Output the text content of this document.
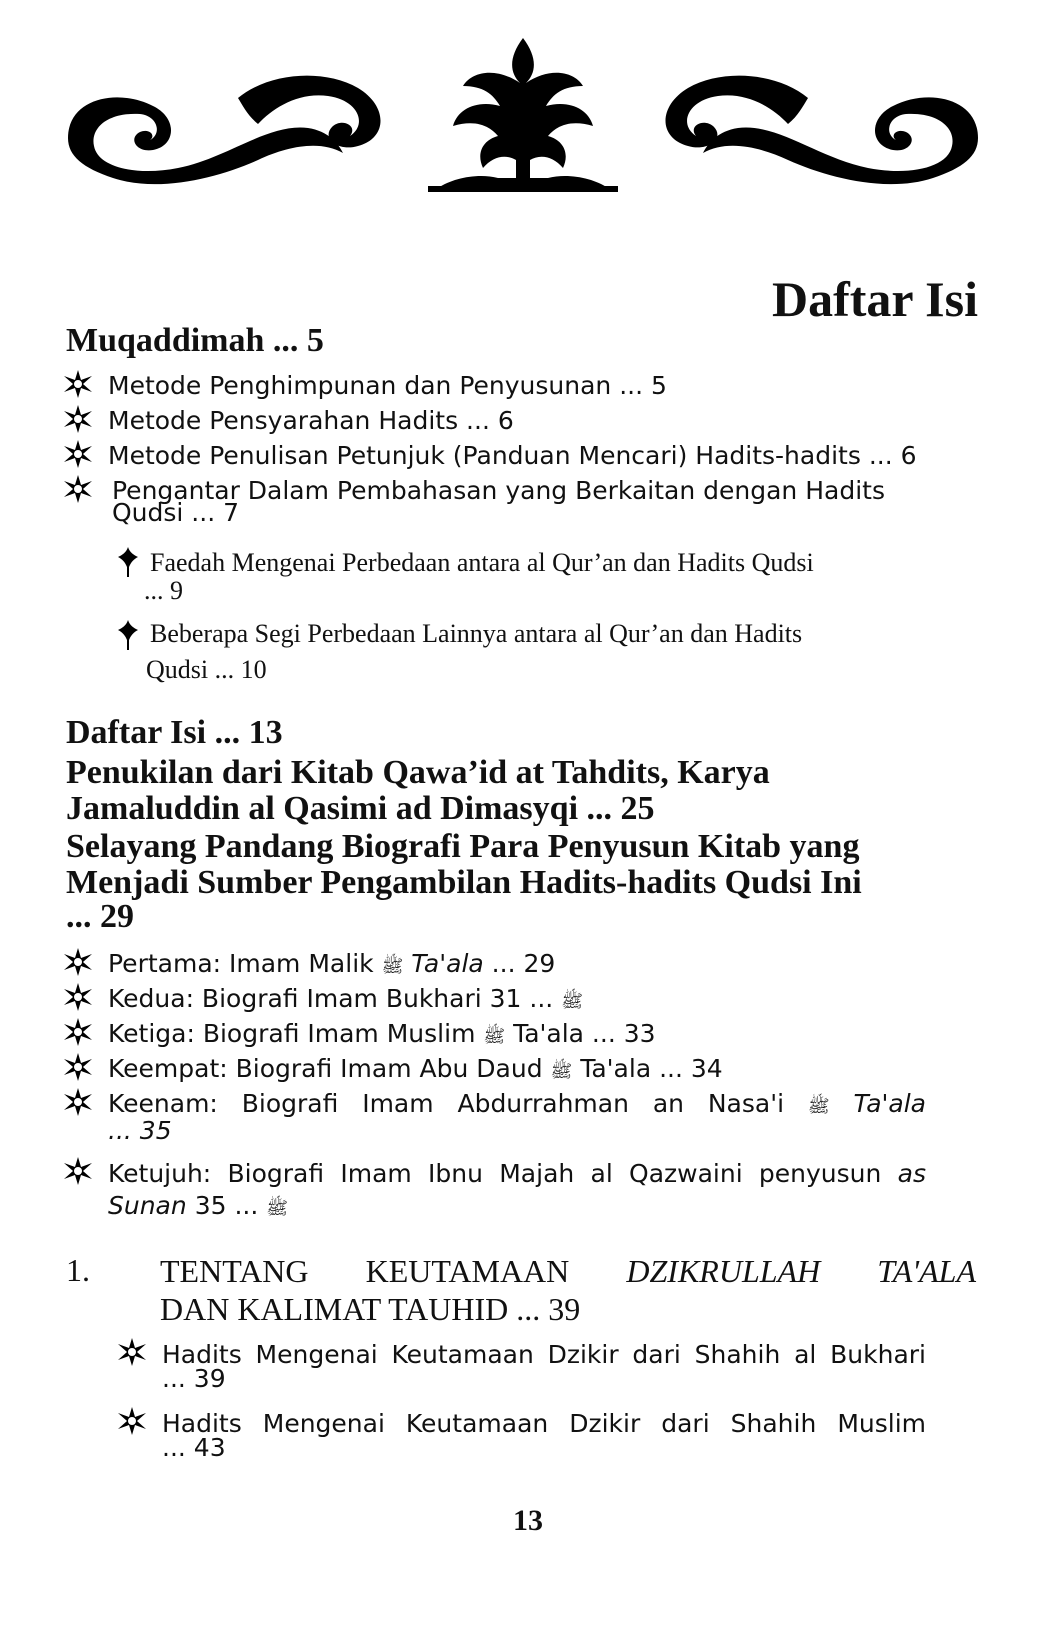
Daftar Isi
Muqaddimah ... 5
Metode Penghimpunan dan Penyusunan ... 5
Metode Pensyarahan Hadits ... 6
Metode Penulisan Petunjuk (Panduan Mencari) Hadits-hadits ... 6
Pengantar Dalam Pembahasan yang Berkaitan dengan Hadits
Qudsi ... 7
Faedah Mengenai Perbedaan antara al Qur’an dan Hadits Qudsi
... 9
Beberapa Segi Perbedaan Lainnya antara al Qur’an dan Hadits
Qudsi ... 10
Daftar Isi ... 13
Penukilan dari Kitab Qawa’id at Tahdits, Karya
Jamaluddin al Qasimi ad Dimasyqi ... 25
Selayang Pandang Biografi Para Penyusun Kitab yang
Menjadi Sumber Pengambilan Hadits-hadits Qudsi Ini
... 29
Pertama: Imam Malik ﷺ Ta'ala ... 29
Kedua: Biografi Imam Bukhari	ﷺ ... 31
Ketiga: Biografi Imam Muslim ﷺ Ta'ala ... 33
Keempat: Biografi Imam Abu Daud ﷺ Ta'ala ... 34
Keenam: Biografi Imam Abdurrahman an Nasa'i ﷺ Ta'ala
... 35
Ketujuh: Biografi Imam Ibnu Majah al Qazwaini penyusun as
Sunan	ﷺ ... 35
1. TENTANG KEUTAMAAN DZIKRULLAH TA'ALA
DAN KALIMAT TAUHID ... 39
Hadits Mengenai Keutamaan Dzikir dari Shahih al Bukhari
... 39
Hadits Mengenai Keutamaan Dzikir dari Shahih Muslim
... 43
13
